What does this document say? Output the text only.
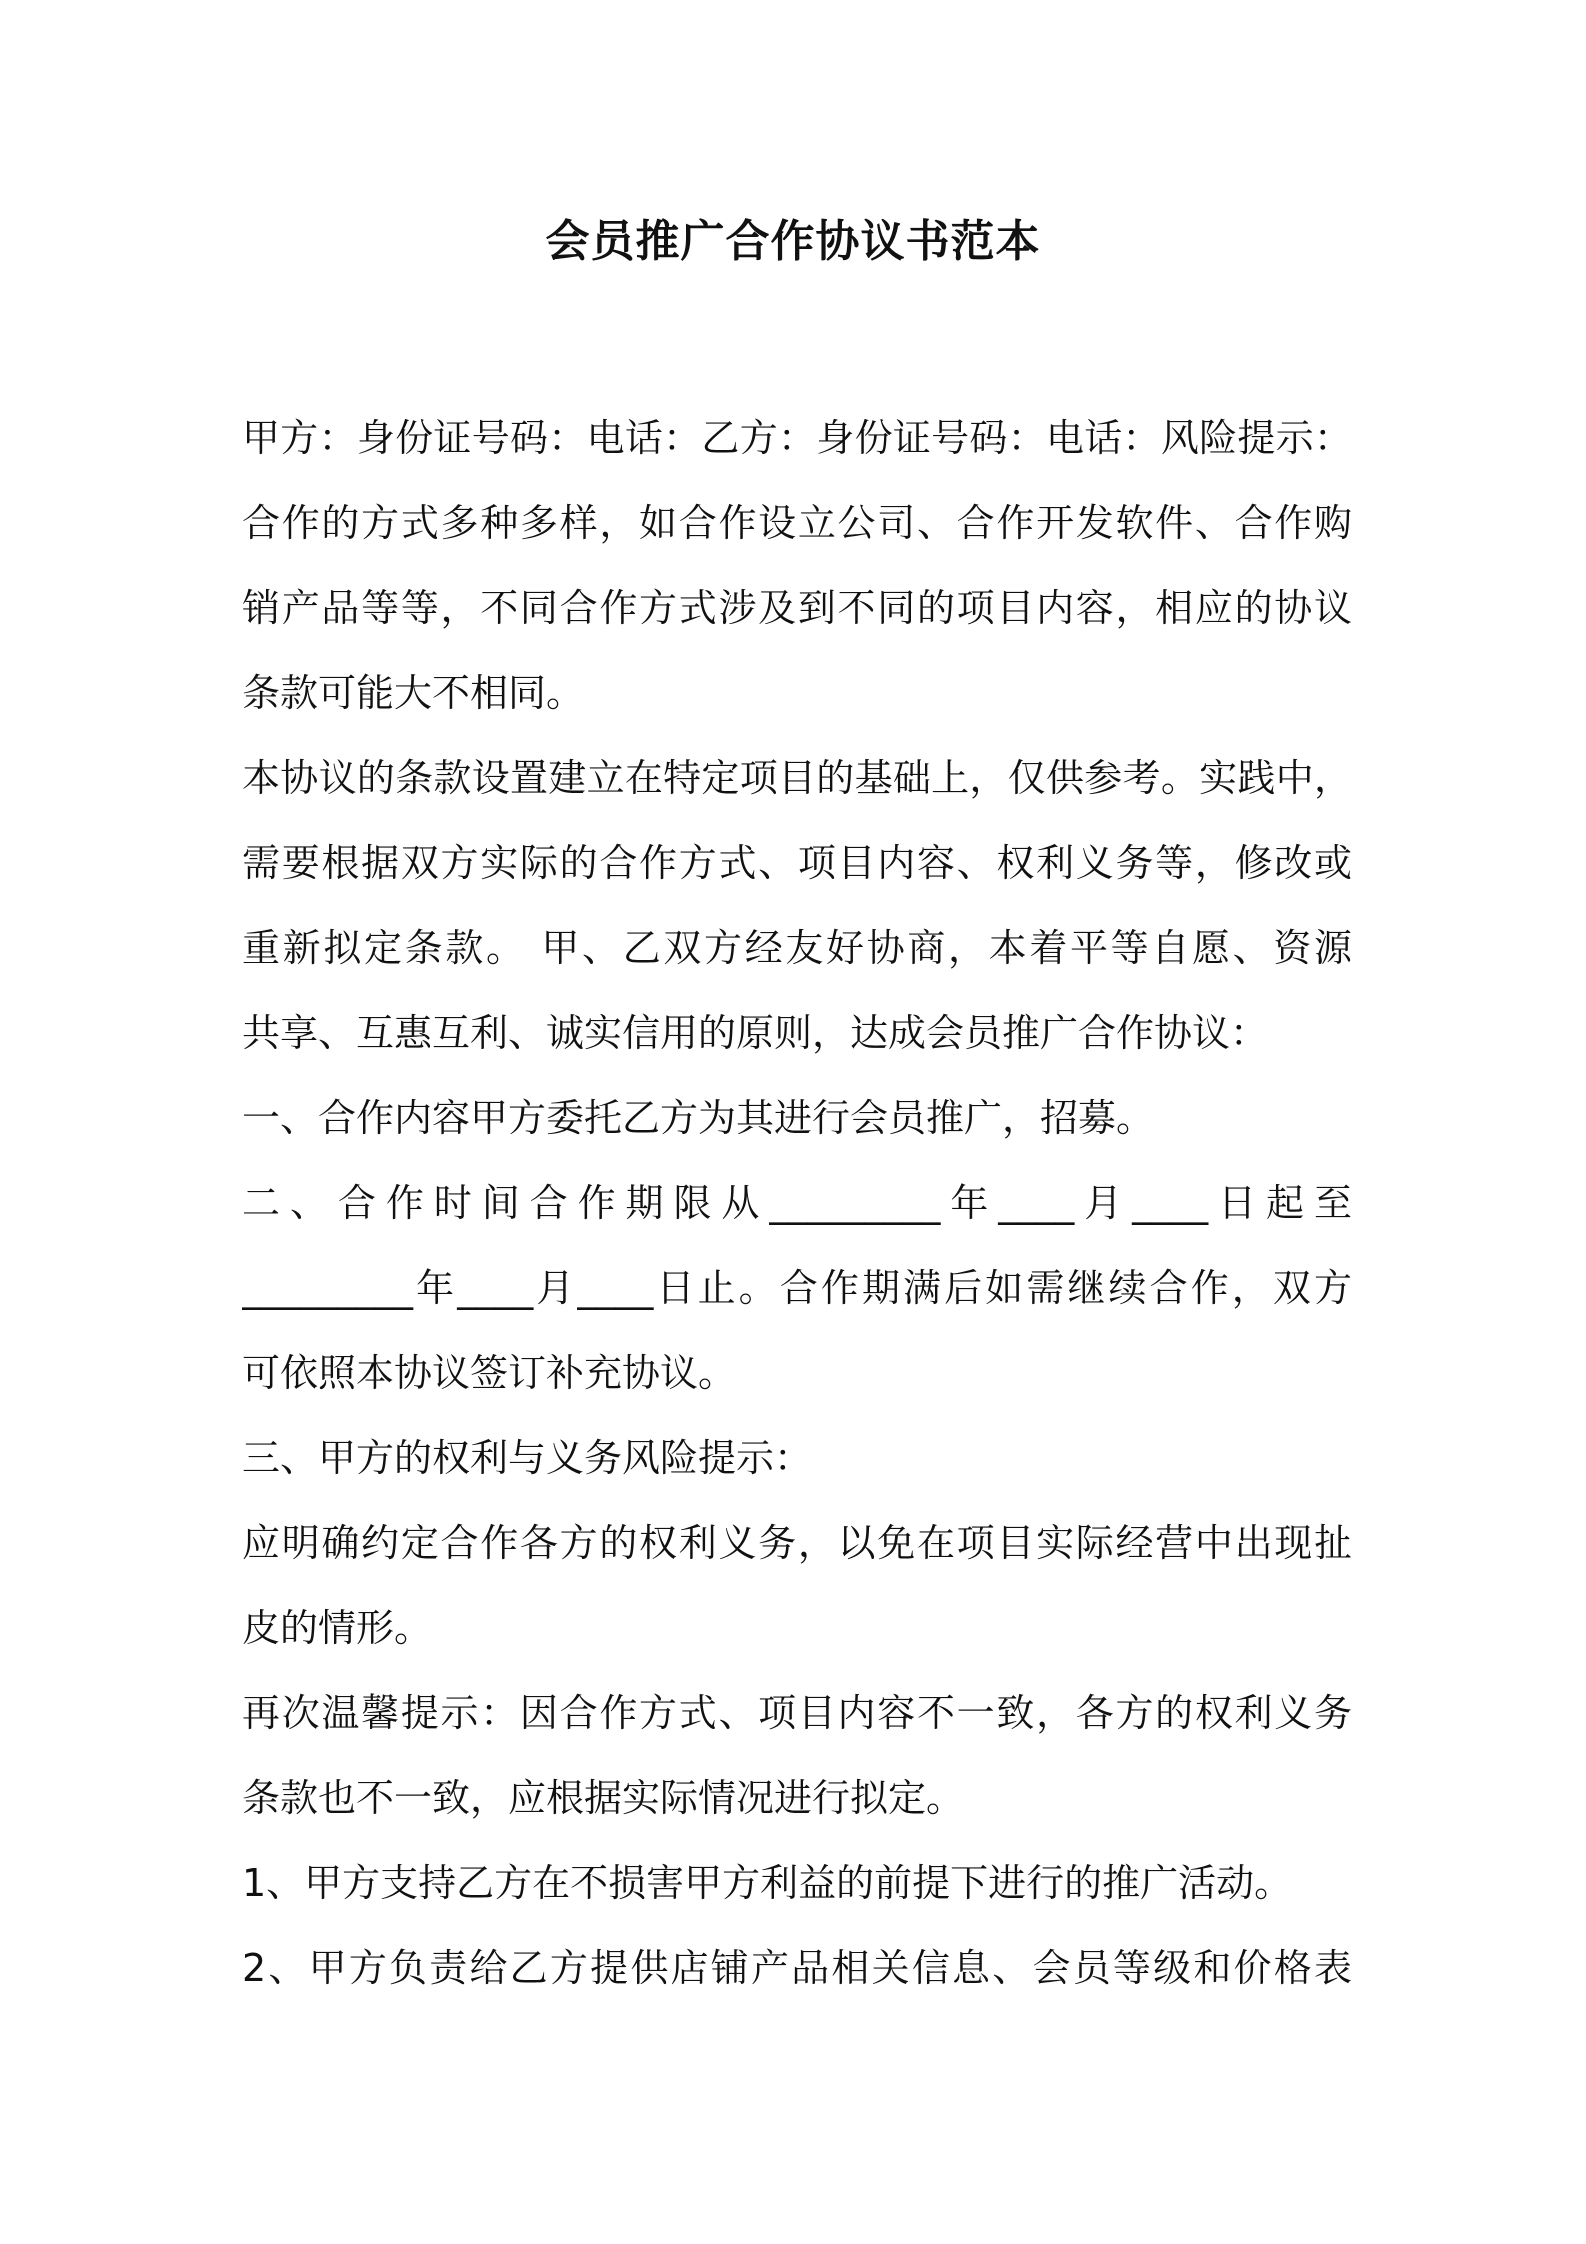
会员推广合作协议书范本
甲方：身份证号码：电话：乙方：身份证号码：电话：风险提示：
合作的方式多种多样，如合作设立公司、合作开发软件、合作购
销产品等等，不同合作方式涉及到不同的项目内容，相应的协议
条款可能大不相同。
本协议的条款设置建立在特定项目的基础上，仅供参考。实践中，
需要根据双方实际的合作方式、项目内容、权利义务等，修改或
重新拟定条款。 甲、乙双方经友好协商，本着平等自愿、资源
共享、互惠互利、诚实信用的原则，达成会员推广合作协议：
一、合作内容甲方委托乙方为其进行会员推广，招募。
二、合作时间合作期限从_________年____月____日起至
_________年____月____日止。合作期满后如需继续合作，双方
可依照本协议签订补充协议。
三、甲方的权利与义务风险提示：
应明确约定合作各方的权利义务，以免在项目实际经营中出现扯
皮的情形。
再次温馨提示：因合作方式、项目内容不一致，各方的权利义务
条款也不一致，应根据实际情况进行拟定。
1、甲方支持乙方在不损害甲方利益的前提下进行的推广活动。
2、甲方负责给乙方提供店铺产品相关信息、会员等级和价格表
